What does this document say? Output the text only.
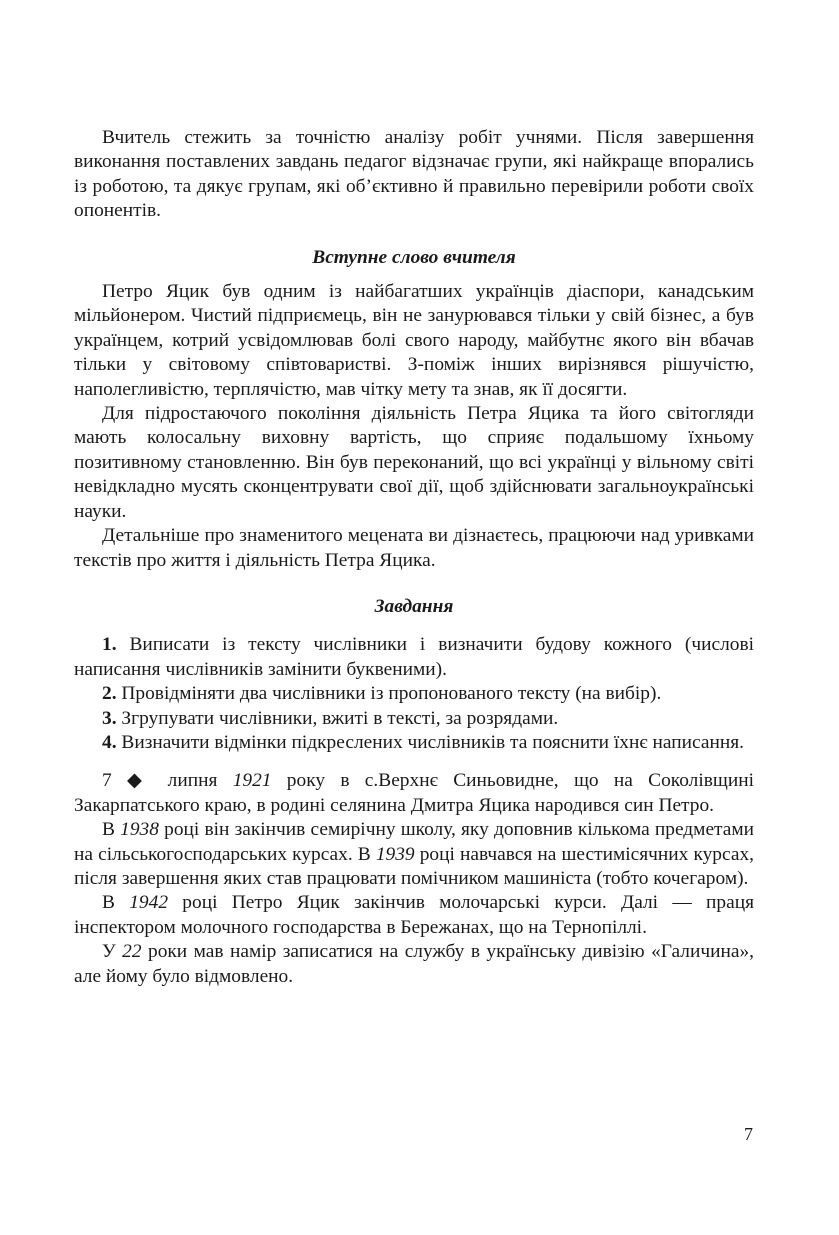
Вчитель стежить за точністю аналізу робіт учнями. Після завершення виконання поставлених завдань педагог відзначає групи, які найкраще впорались із роботою, та дякує групам, які об’єктивно й правильно перевірили роботи своїх опонентів.

Вступне слово вчителя

Петро Яцик був одним із найбагатших українців діаспори, канадським мільйонером. Чистий підприємець, він не занурювався тільки у свій бізнес, а був українцем, котрий усвідомлював болі свого народу, майбутнє якого він вбачав тільки у світовому співтоваристві. З-поміж інших вирізнявся рішучістю, наполегливістю, терплячістю, мав чітку мету та знав, як її досягти.

Для підростаючого покоління діяльність Петра Яцика та його світогляди мають колосальну виховну вартість, що сприяє подальшому їхньому позитивному становленню. Він був переконаний, що всі українці у вільному світі невідкладно мусять сконцентрувати свої дії, щоб здійснювати загальноукраїнські науки.

Детальніше про знаменитого мецената ви дізнаєтесь, працюючи над уривками текстів про життя і діяльність Петра Яцика.

Завдання

1. Виписати із тексту числівники і визначити будову кожного (числові написання числівників замінити буквеними).

2. Провідміняти два числівники із пропонованого тексту (на вибір).

3. Згрупувати числівники, вжиті в тексті, за розрядами.

4. Визначити відмінки підкреслених числівників та пояснити їхнє написання.

7 ◆ липня 1921 року в с.Верхнє Синьовидне, що на Соколівщині Закарпатського краю, в родині селянина Дмитра Яцика народився син Петро.

В 1938 році він закінчив семирічну школу, яку доповнив кількома предметами на сільськогосподарських курсах. В 1939 році навчався на шестимісячних курсах, після завершення яких став працювати помічником машиніста (тобто кочегаром).

В 1942 році Петро Яцик закінчив молочарські курси. Далі — праця інспектором молочного господарства в Бережанах, що на Тернопіллі.

У 22 роки мав намір записатися на службу в українську дивізію «Галичина», але йому було відмовлено.

7
